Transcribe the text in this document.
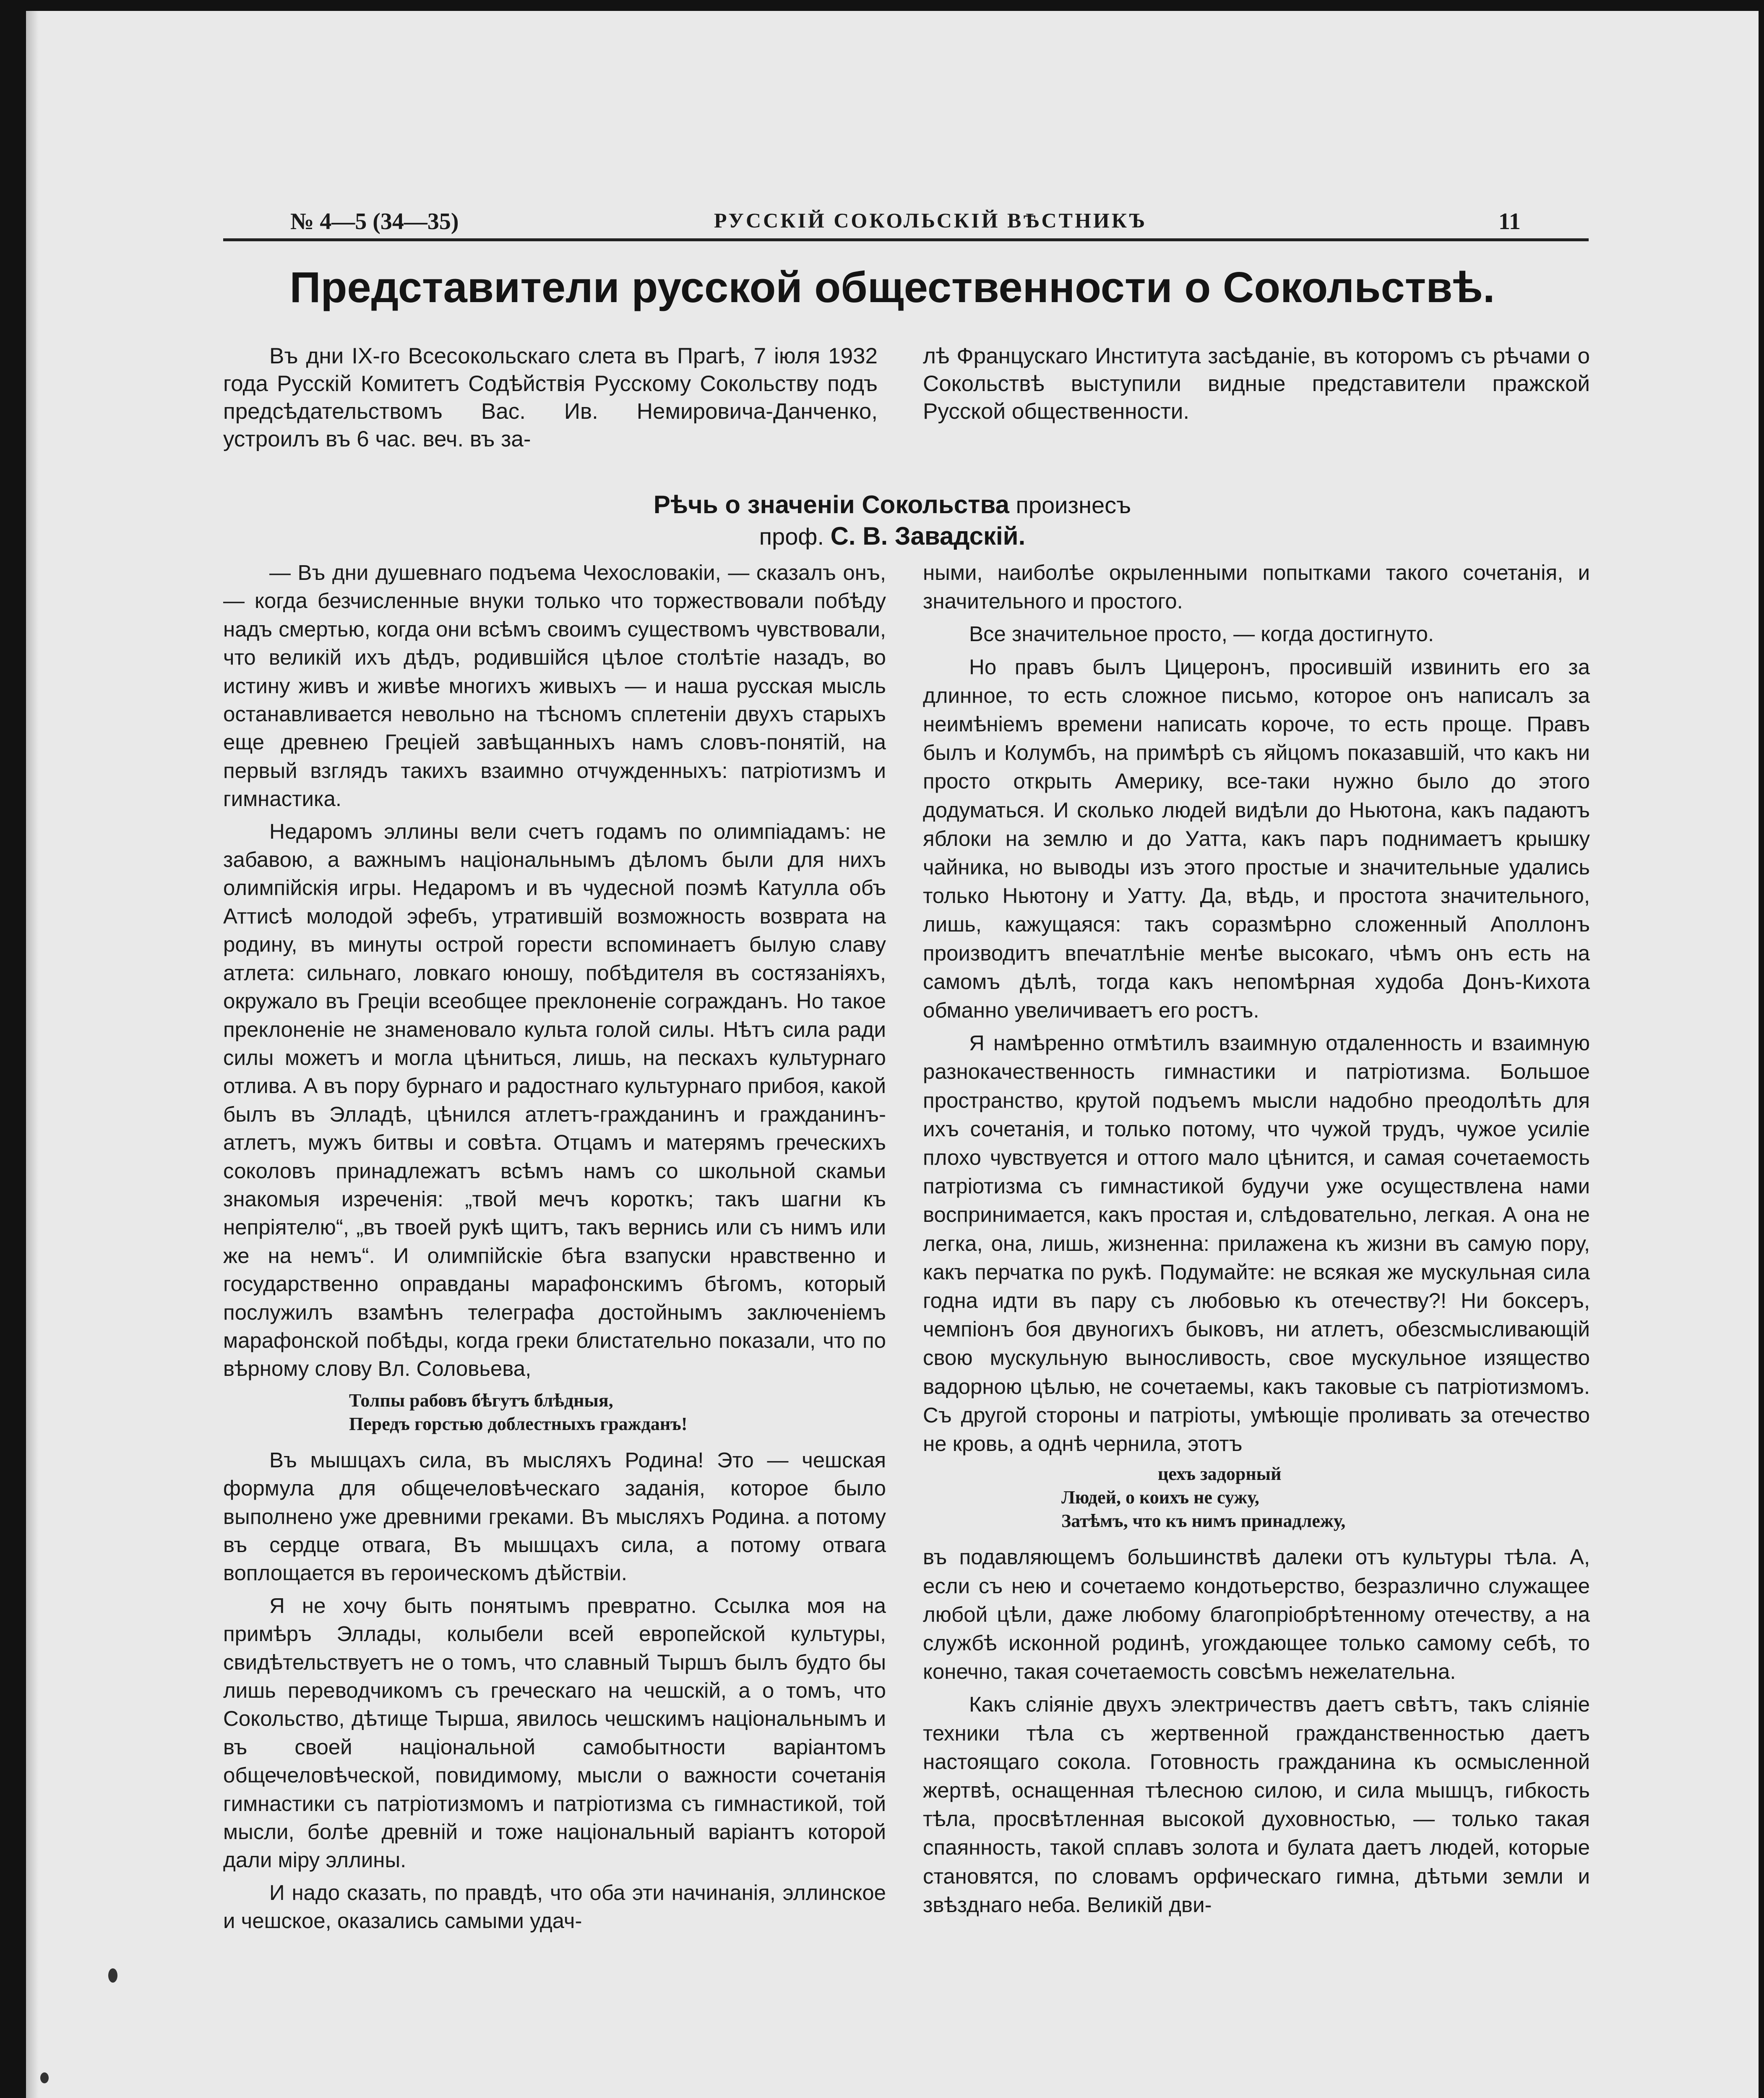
№ 4—5 (34—35)	РУССКІЙ СОКОЛЬСКІЙ ВѢСТНИКЪ	11
Представители русской общественности о Сокольствѣ.

Въ дни IX-го Всесокольскаго слета въ Прагѣ, 7 іюля 1932 года Русскій Комитетъ Содѣйствія Русскому Сокольству подъ предсѣдательствомъ Вас. Ив. Немировича-Данченко, устроилъ въ 6 час. веч. въ за-

лѣ Францускаго Института засѣданіе, въ которомъ съ рѣчами о Сокольствѣ выступили видные представители пражской Русской общественности.

Рѣчь о значеніи Сокольства произнесъ
проф. С. В. Завадскій.

— Въ дни душевнаго подъема Чехословакіи, — сказалъ онъ, — когда безчисленные внуки только что торжествовали побѣду надъ смертью, когда они всѣмъ своимъ существомъ чувствовали, что великій ихъ дѣдъ, родившійся цѣлое столѣтіе назадъ, во истину живъ и живѣе многихъ живыхъ — и наша русская мысль останавливается невольно на тѣсномъ сплетеніи двухъ старыхъ еще древнею Греціей завѣщанныхъ намъ словъ-понятій, на первый взглядъ такихъ взаимно отчужденныхъ: патріотизмъ и гимнастика.

Недаромъ эллины вели счетъ годамъ по олимпіадамъ: не забавою, а важнымъ національнымъ дѣломъ были для нихъ олимпійскія игры. Недаромъ и въ чудесной поэмѣ Катулла объ Аттисѣ молодой эфебъ, утратившій возможность возврата на родину, въ минуты острой горести вспоминаетъ былую славу атлета: сильнаго, ловкаго юношу, побѣдителя въ состязаніяхъ, окружало въ Греціи всеобщее преклоненіе согражданъ. Но такое преклоненіе не знаменовало культа голой силы. Нѣтъ сила ради силы можетъ и могла цѣниться, лишь, на пескахъ культурнаго отлива. А въ пору бурнаго и радостнаго культурнаго прибоя, какой былъ въ Элладѣ, цѣнился атлетъ-гражданинъ и гражданинъ-атлетъ, мужъ битвы и совѣта. Отцамъ и матерямъ греческихъ соколовъ принадлежатъ всѣмъ намъ со школьной скамьи знакомыя изреченія: „твой мечъ короткъ; такъ шагни къ непріятелю“, „въ твоей рукѣ щитъ, такъ вернись или съ нимъ или же на немъ“. И олимпійскіе бѣга взапуски нравственно и государственно оправданы марафонскимъ бѣгомъ, который послужилъ взамѣнъ телеграфа достойнымъ заключеніемъ марафонской побѣды, когда греки блистательно показали, что по вѣрному слову Вл. Соловьева,

Толпы рабовъ бѣгутъ блѣдныя,
Передъ горстью доблестныхъ гражданъ!

Въ мышцахъ сила, въ мысляхъ Родина! Это — чешская формула для общечеловѣческаго заданія, которое было выполнено уже древними греками. Въ мысляхъ Родина. а потому въ сердце отвага, Въ мышцахъ сила, а потому отвага воплощается въ героическомъ дѣйствіи.

Я не хочу быть понятымъ превратно. Ссылка моя на примѣръ Эллады, колыбели всей европейской культуры, свидѣтельствуетъ не о томъ, что славный Тыршъ былъ будто бы лишь переводчикомъ съ греческаго на чешскій, а о томъ, что Сокольство, дѣтище Тырша, явилось чешскимъ національнымъ и въ своей національной самобытности варіантомъ общечеловѣческой, повидимому, мысли о важности сочетанія гимнастики съ патріотизмомъ и патріотизма съ гимнастикой, той мысли, болѣе древній и тоже національный варіантъ которой дали міру эллины.

И надо сказать, по правдѣ, что оба эти начинанія, эллинское и чешское, оказались самыми удач-

ными, наиболѣе окрыленными попытками такого сочетанія, и значительного и простого.

Все значительное просто, — когда достигнуто.

Но правъ былъ Цицеронъ, просившій извинить его за длинное, то есть сложное письмо, которое онъ написалъ за неимѣніемъ времени написать короче, то есть проще. Правъ былъ и Колумбъ, на примѣрѣ съ яйцомъ показавшій, что какъ ни просто открыть Америку, все-таки нужно было до этого додуматься. И сколько людей видѣли до Ньютона, какъ падаютъ яблоки на землю и до Уатта, какъ паръ поднимаетъ крышку чайника, но выводы изъ этого простые и значительные удались только Ньютону и Уатту. Да, вѣдь, и простота значительного, лишь, кажущаяся: такъ соразмѣрно сложенный Аполлонъ производитъ впечатлѣніе менѣе высокаго, чѣмъ онъ есть на самомъ дѣлѣ, тогда какъ непомѣрная худоба Донъ-Кихота обманно увеличиваетъ его ростъ.

Я намѣренно отмѣтилъ взаимную отдаленность и взаимную разнокачественность гимнастики и патріотизма. Большое пространство, крутой подъемъ мысли надобно преодолѣть для ихъ сочетанія, и только потому, что чужой трудъ, чужое усиліе плохо чувствуется и оттого мало цѣнится, и самая сочетаемость патріотизма съ гимнастикой будучи уже осуществлена нами воспринимается, какъ простая и, слѣдовательно, легкая. А она не легка, она, лишь, жизненна: прилажена къ жизни въ самую пору, какъ перчатка по рукѣ. Подумайте: не всякая же мускульная сила годна идти въ пару съ любовью къ отечеству?! Ни боксеръ, чемпіонъ боя двуногихъ быковъ, ни атлетъ, обезсмысливающій свою мускульную выносливость, свое мускульное изящество вадорною цѣлью, не сочетаемы, какъ таковые съ патріотизмомъ. Съ другой стороны и патріоты, умѣющіе проливать за отечество не кровь, а однѣ чернила, этотъ

цехъ задорный
Людей, о коихъ не сужу,
Затѣмъ, что къ нимъ принадлежу,

въ подавляющемъ большинствѣ далеки отъ культуры тѣла. А, если съ нею и сочетаемо кондотьерство, безразлично служащее любой цѣли, даже любому благопріобрѣтенному отечеству, а на службѣ исконной родинѣ, угождающее только самому себѣ, то конечно, такая сочетаемость совсѣмъ нежелательна.

Какъ сліяніе двухъ электричествъ даетъ свѣтъ, такъ сліяніе техники тѣла съ жертвенной гражданственностью даетъ настоящаго сокола. Готовность гражданина къ осмысленной жертвѣ, оснащенная тѣлесною силою, и сила мышцъ, гибкость тѣла, просвѣтленная высокой духовностью, — только такая спаянность, такой сплавъ золота и булата даетъ людей, которые становятся, по словамъ орфическаго гимна, дѣтьми земли и звѣзднаго неба. Великій дви-
